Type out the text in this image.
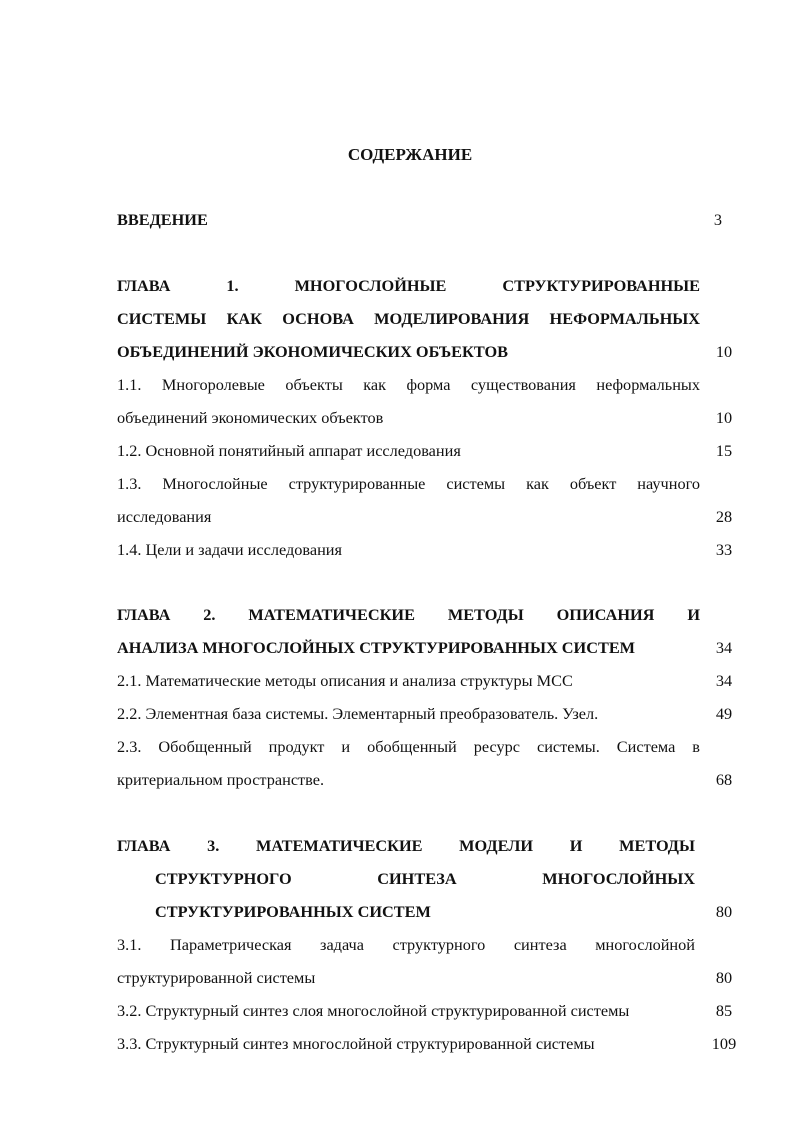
СОДЕРЖАНИЕ
ВВЕДЕНИЕ	3
ГЛАВА 1. МНОГОСЛОЙНЫЕ СТРУКТУРИРОВАННЫЕ
СИСТЕМЫ КАК ОСНОВА МОДЕЛИРОВАНИЯ НЕФОРМАЛЬНЫХ
ОБЪЕДИНЕНИЙ ЭКОНОМИЧЕСКИХ ОБЪЕКТОВ	10
1.1. Многоролевые объекты как форма существования неформальных
объединений экономических объектов	10
1.2. Основной понятийный аппарат исследования	15
1.3. Многослойные структурированные системы как объект научного
исследования	28
1.4. Цели и задачи исследования	33
ГЛАВА 2. МАТЕМАТИЧЕСКИЕ МЕТОДЫ ОПИСАНИЯ И
АНАЛИЗА МНОГОСЛОЙНЫХ СТРУКТУРИРОВАННЫХ СИСТЕМ	34
2.1. Математические методы описания и анализа структуры МСС	34
2.2. Элементная база системы. Элементарный преобразователь. Узел.	49
2.3. Обобщенный продукт и обобщенный ресурс системы. Система в
критериальном пространстве.	68
ГЛАВА 3. МАТЕМАТИЧЕСКИЕ МОДЕЛИ И МЕТОДЫ
СТРУКТУРНОГО СИНТЕЗА МНОГОСЛОЙНЫХ
СТРУКТУРИРОВАННЫХ СИСТЕМ	80
3.1. Параметрическая задача структурного синтеза многослойной
структурированной системы	80
3.2. Структурный синтез слоя многослойной структурированной системы	85
3.3. Структурный синтез многослойной структурированной системы	109
